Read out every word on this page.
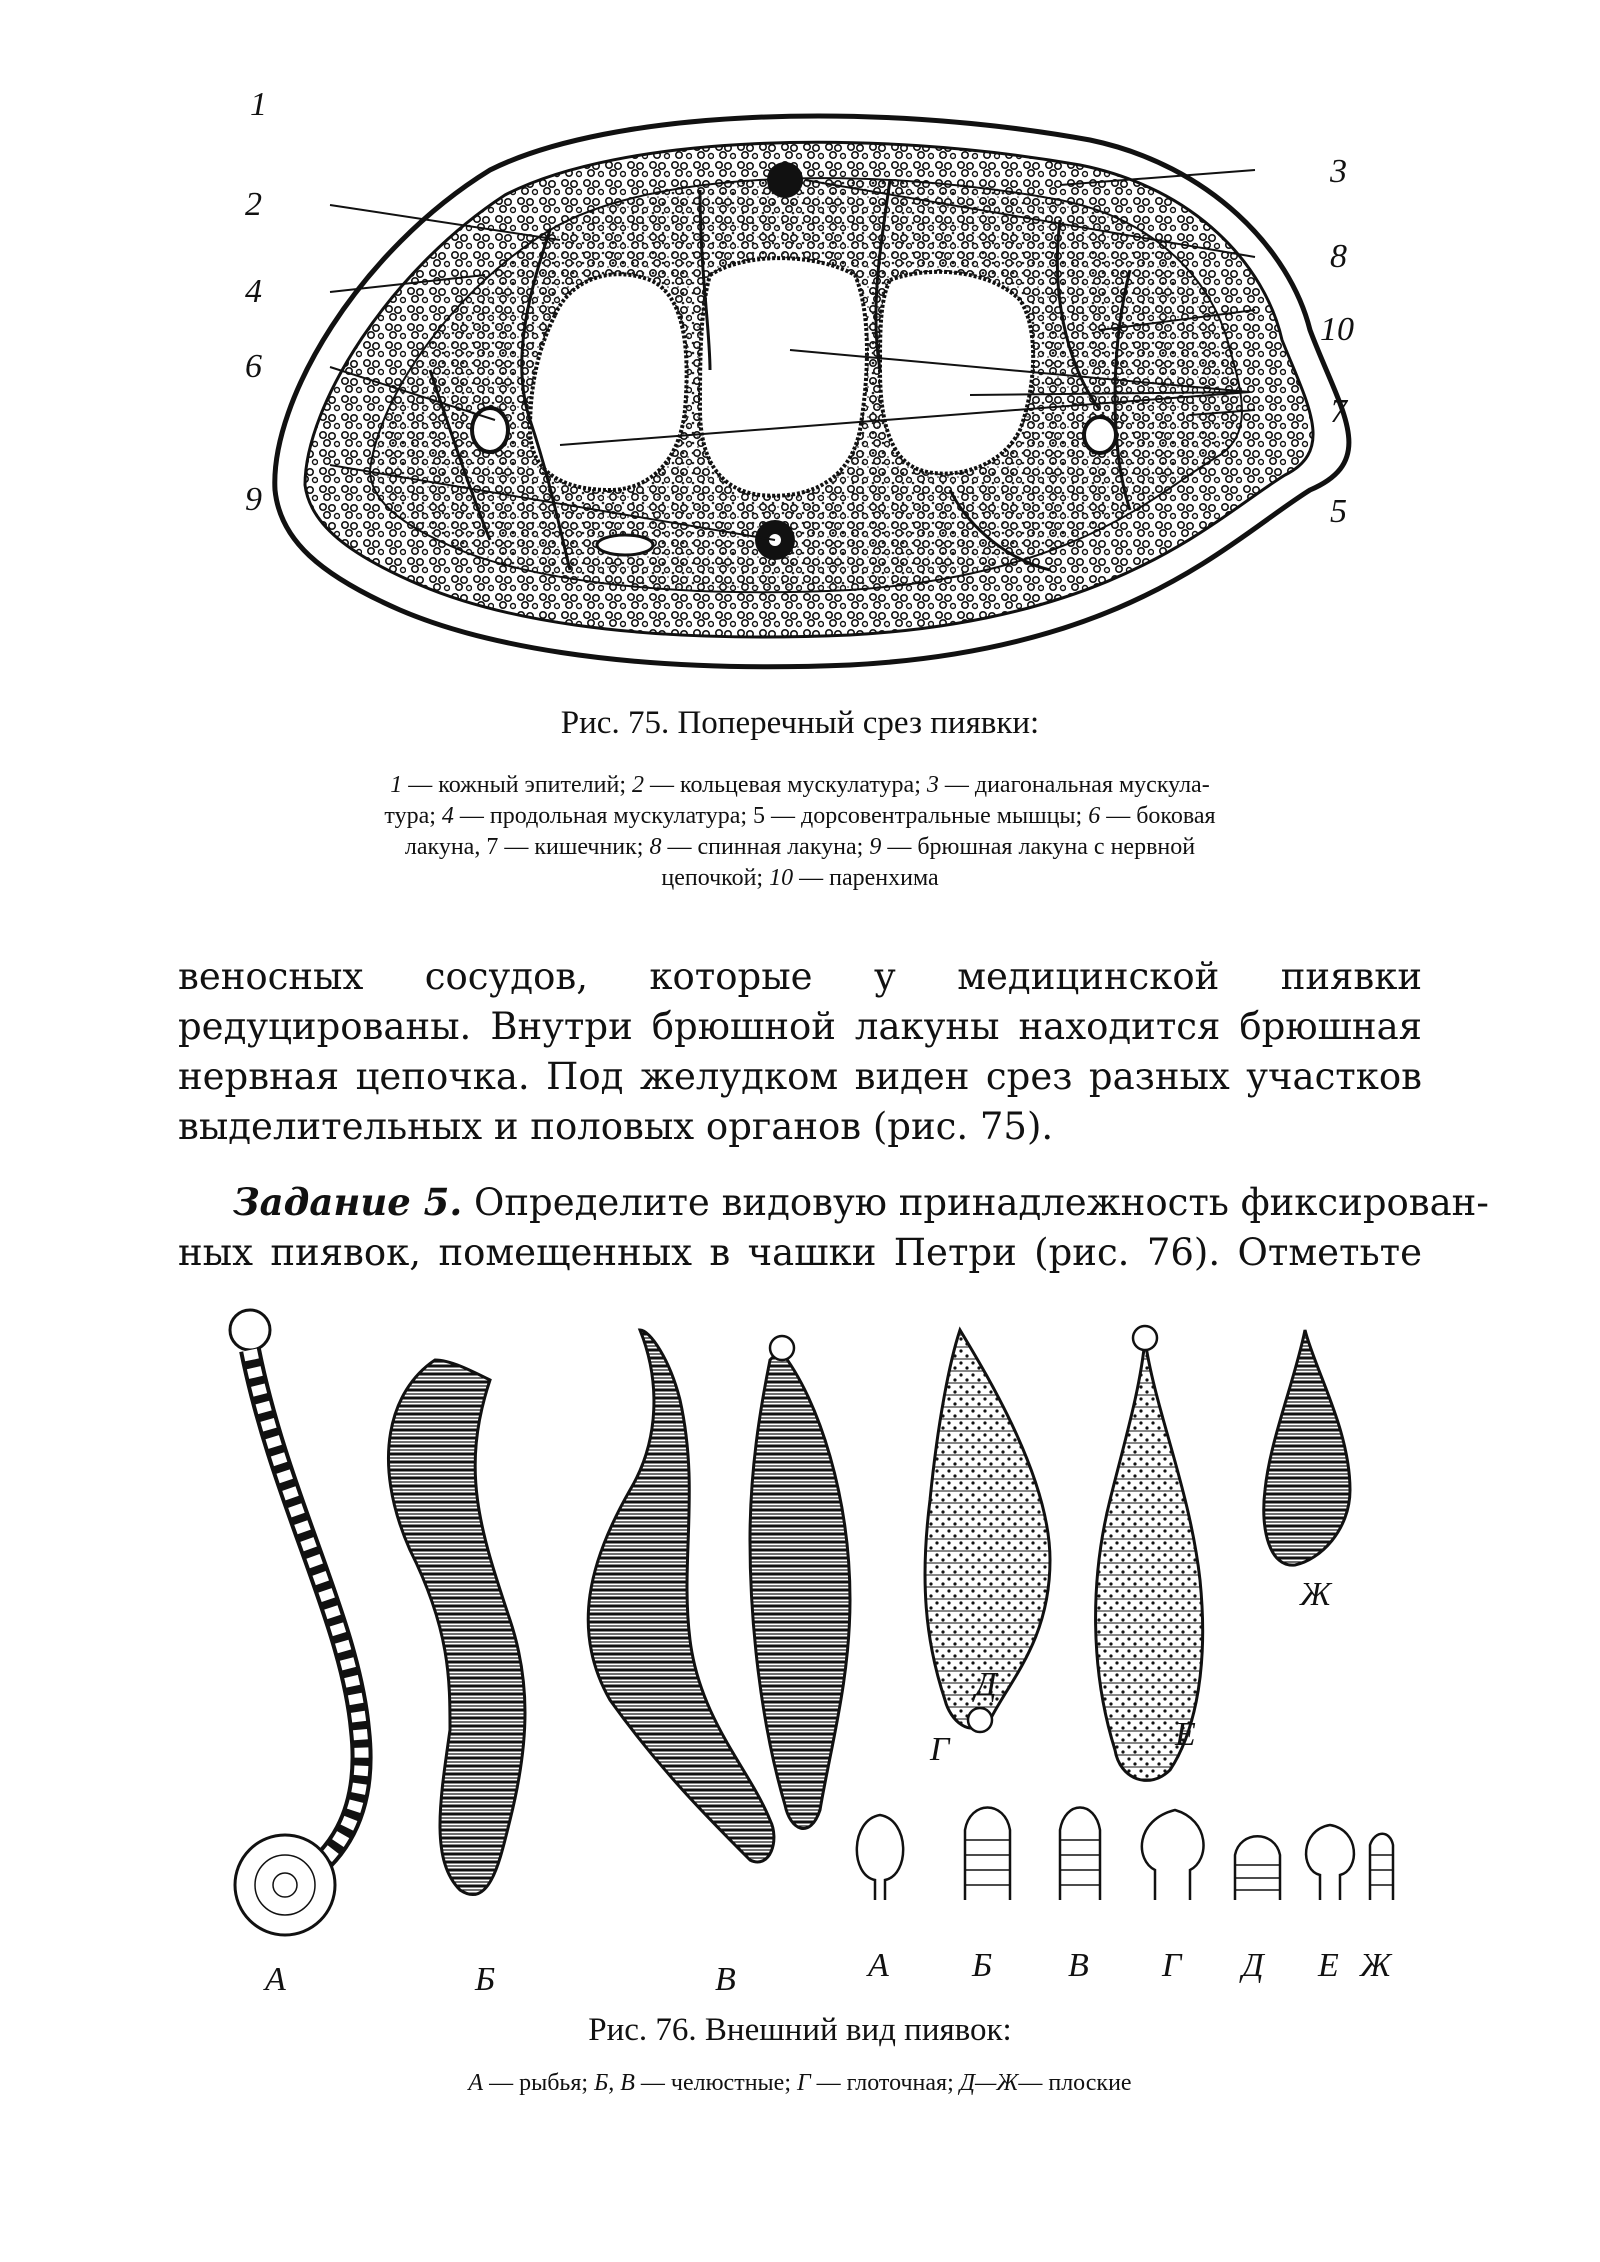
1
2
3
4
5
6
7
8
9
10
Рис. 75. Поперечный срез пиявки:
1 — кожный эпителий; 2 — кольцевая мускулатура; 3 — диагональная мускула-
тура; 4 — продольная мускулатура; 5 — дорсовентральные мышцы; 6 — боковая
лакуна, 7 — кишечник; 8 — спинная лакуна; 9 — брюшная лакуна с нервной
цепочкой; 10 — паренхима
веносных сосудов, которые у медицинской пиявки
редуцированы. Внутри брюшной лакуны находится брюшная
нервная цепочка. Под желудком виден срез разных участков
выделительных и половых органов (рис. 75).
Задание 5. Определите видовую принадлежность фиксирован-
ных пиявок, помещенных в чашки Петри (рис. 76). Отметьте
А	Б	В
Г
Д
Е
Ж
А Б В Г Д Е Ж
Рис. 76. Внешний вид пиявок:
А — рыбья; Б, В — челюстные; Г — глоточная; Д—Ж— плоские
